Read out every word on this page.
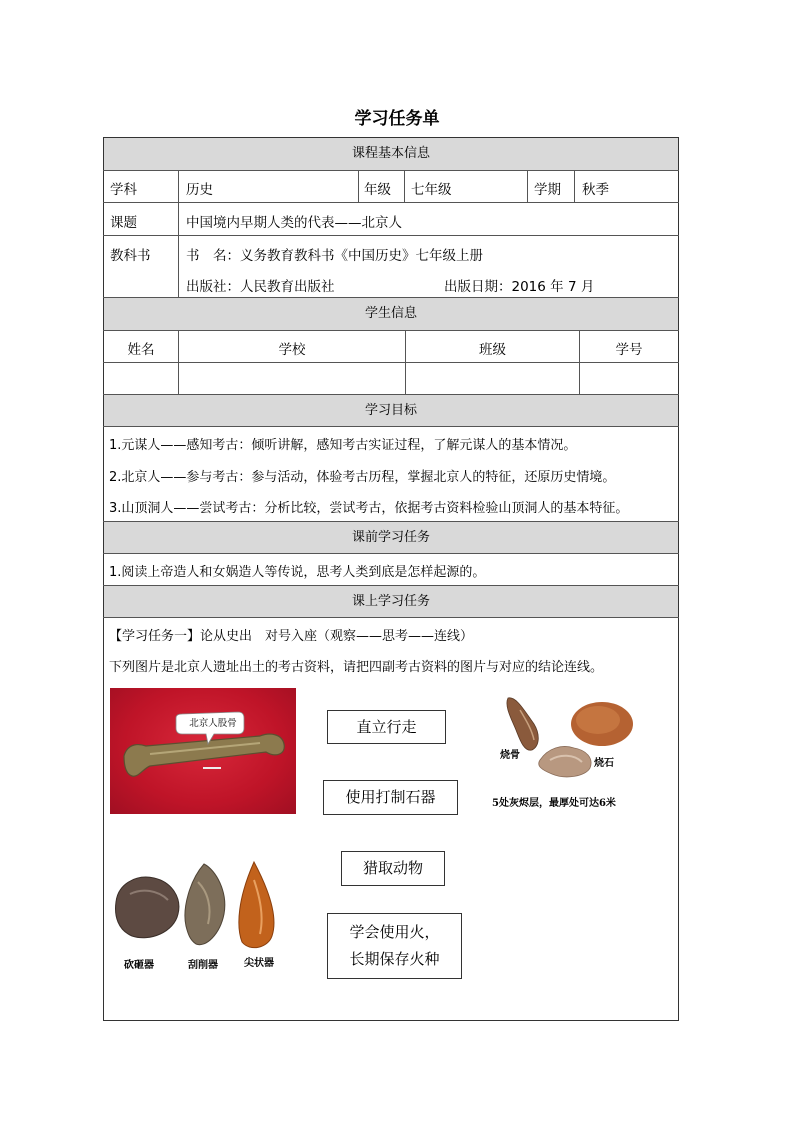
学习任务单
课程基本信息
学生信息
学习目标
课前学习任务
课上学习任务
学科	历史	年级 七年级	学期 秋季
课题	中国境内早期人类的代表——北京人
教科书	书　名：义务教育教科书《中国历史》七年级上册
出版社：人民教育出版社	出版日期：2016 年 7 月
姓名	学校	班级	学号
1.元谋人——感知考古：倾听讲解，感知考古实证过程，了解元谋人的基本情况。
2.北京人——参与考古：参与活动，体验考古历程，掌握北京人的特征，还原历史情境。
3.山顶洞人——尝试考古：分析比较，尝试考古，依据考古资料检验山顶洞人的基本特征。
1.阅读上帝造人和女娲造人等传说，思考人类到底是怎样起源的。
【学习任务一】论从史出　对号入座（观察——思考——连线）
下列图片是北京人遗址出土的考古资料，请把四副考古资料的图片与对应的结论连线。
北京人股骨
烧骨
烧石
5处灰烬层，最厚处可达6米
砍砸器	刮削器	尖状器
直立行走
使用打制石器
猎取动物
学会使用火，
长期保存火种
